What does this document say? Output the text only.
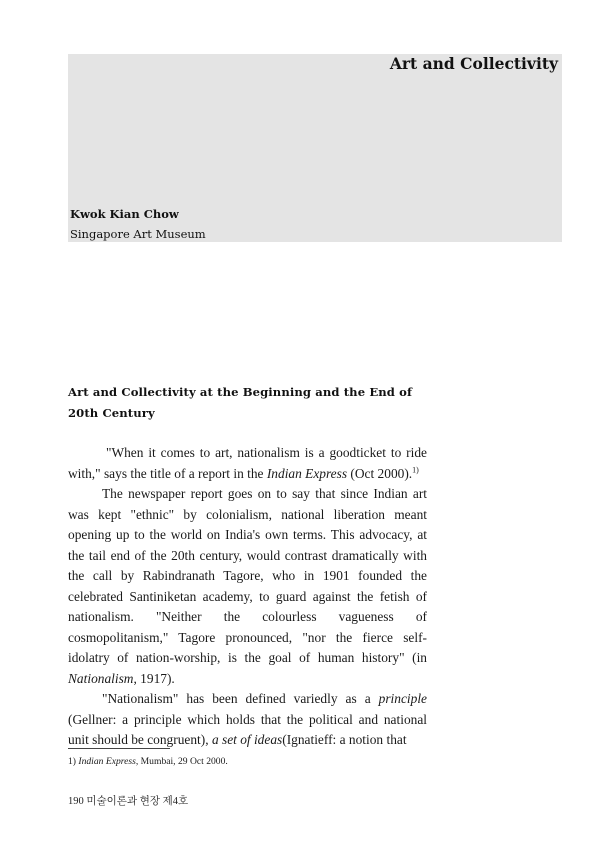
Art and Collectivity
Kwok Kian Chow
Singapore Art Museum
Art and Collectivity at the Beginning and the End of 20th Century

"When it comes to art, nationalism is a goodticket to ride with," says the title of a report in the Indian Express (Oct 2000).$^{1)}$

The newspaper report goes on to say that since Indian art was kept "ethnic" by colonialism, national liberation meant opening up to the world on India's own terms. This advocacy, at the tail end of the 20th century, would contrast dramatically with the call by Rabindranath Tagore, who in 1901 founded the celebrated Santiniketan academy, to guard against the fetish of nationalism. "Neither the colourless vagueness of cosmopolitanism," Tagore pronounced, "nor the fierce self-idolatry of nation-worship, is the goal of human history" (in Nationalism, 1917).

"Nationalism" has been defined variedly as a principle (Gellner: a principle which holds that the political and national unit should be congruent), a set of ideas(Ignatieff: a notion that

1) Indian Express, Mumbai, 29 Oct 2000.
190 미술이론과 현장 제4호
